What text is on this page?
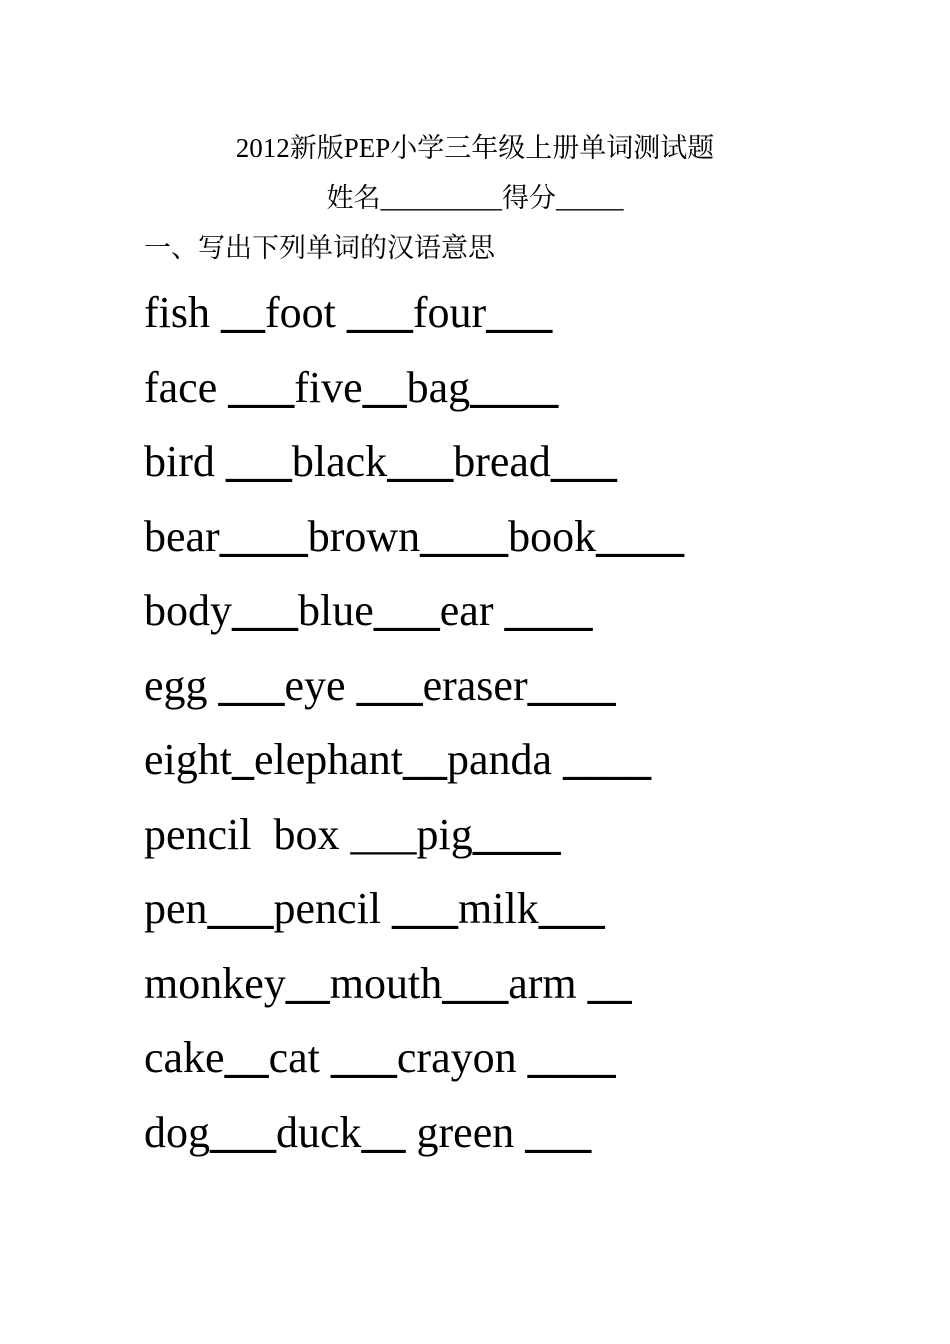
2012新版PEP小学三年级上册单词测试题
姓名_________得分_____
一、写出下列单词的汉语意思
fish __foot ___four___
face ___five__bag____
bird ___black___bread___
bear____brown____book____
body___blue___ear ____
egg ___eye ___eraser____
eight_elephant__panda ____
pencil  box ___pig____
pen___pencil ___milk___
monkey__mouth___arm __
cake__cat ___crayon ____
dog___duck__ green ___
